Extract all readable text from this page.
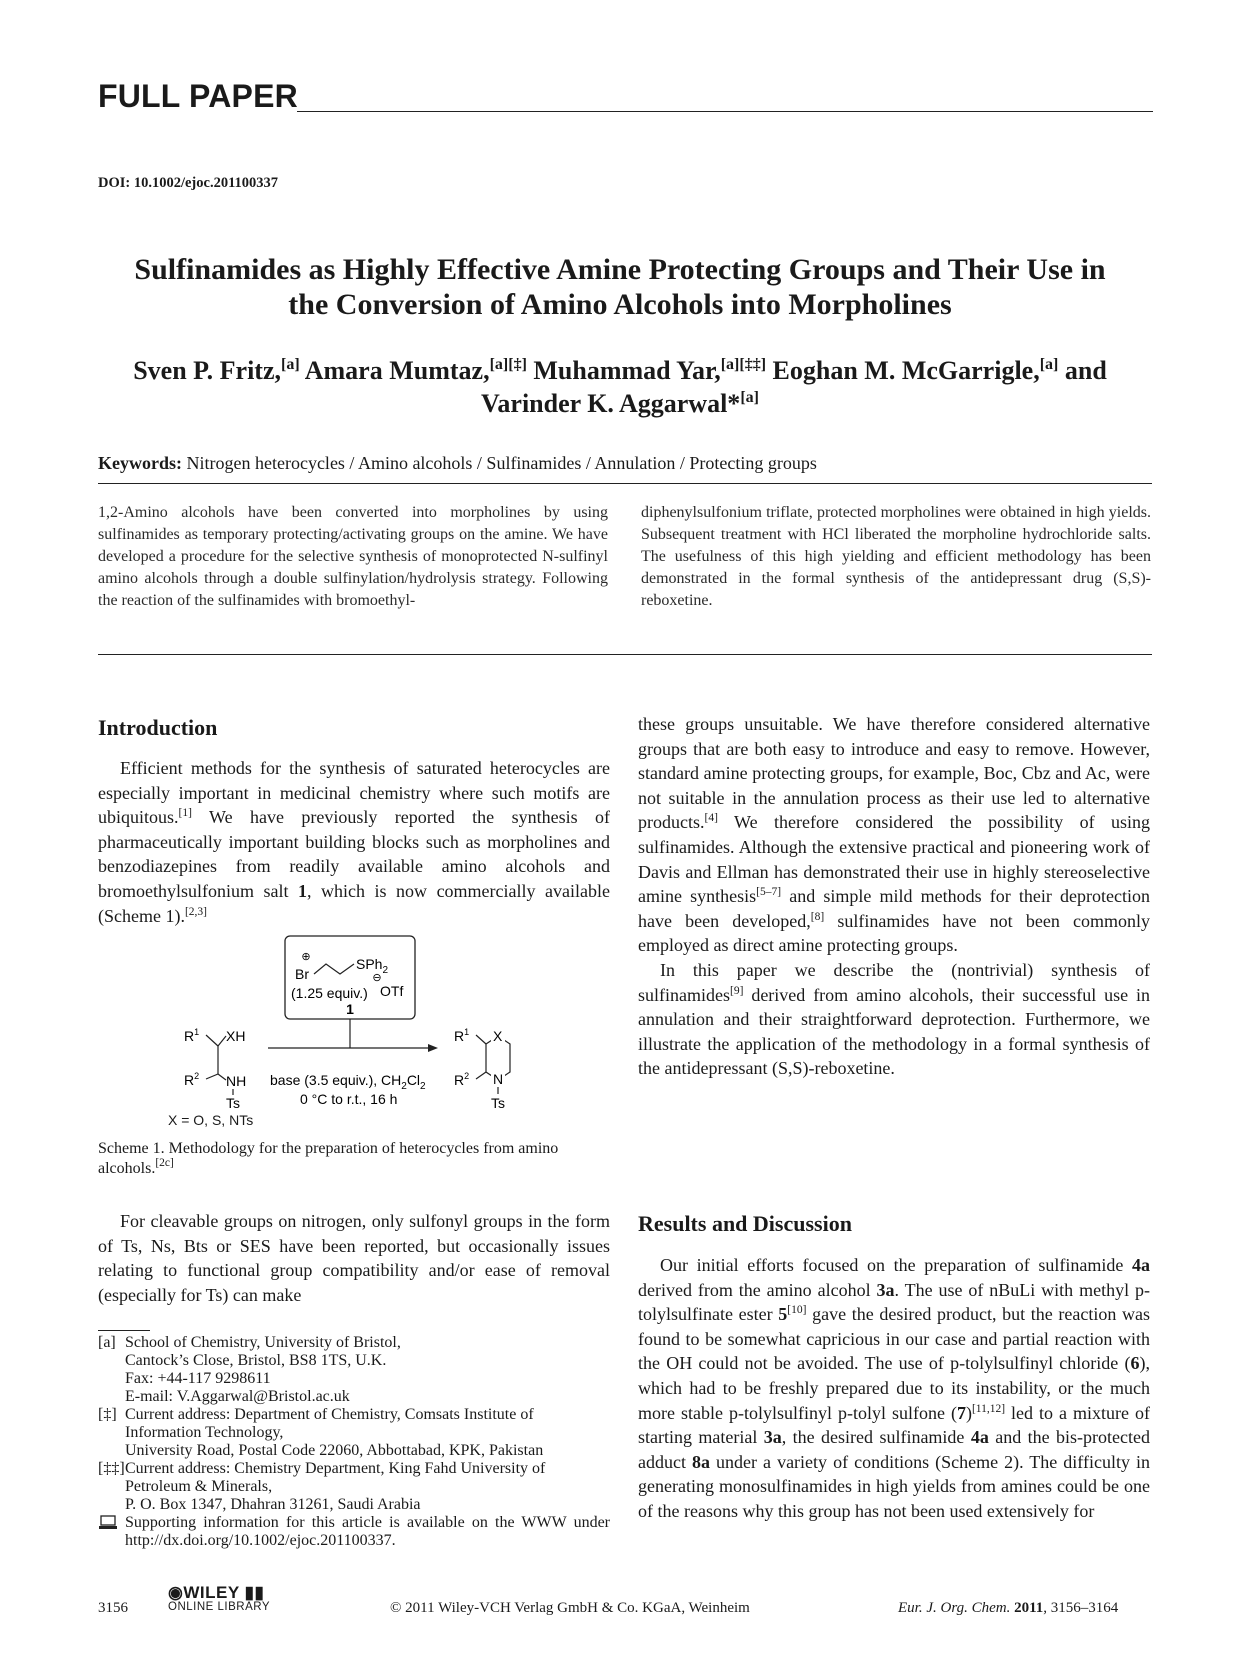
FULL PAPER
DOI: 10.1002/ejoc.201100337
Sulfinamides as Highly Effective Amine Protecting Groups and Their Use in
the Conversion of Amino Alcohols into Morpholines
Sven P. Fritz,[a] Amara Mumtaz,[a][‡] Muhammad Yar,[a][‡‡] Eoghan M. McGarrigle,[a] and
Varinder K. Aggarwal*[a]
Keywords: Nitrogen heterocycles / Amino alcohols / Sulfinamides / Annulation / Protecting groups
1,2-Amino alcohols have been converted into morpholines by using sulfinamides as temporary protecting/activating groups on the amine. We have developed a procedure for the selective synthesis of monoprotected N-sulfinyl amino alcohols through a double sulfinylation/hydrolysis strategy. Following the reaction of the sulfinamides with bromoethyl-
diphenylsulfonium triflate, protected morpholines were obtained in high yields. Subsequent treatment with HCl liberated the morpholine hydrochloride salts. The usefulness of this high yielding and efficient methodology has been demonstrated in the formal synthesis of the antidepressant drug (S,S)-reboxetine.
Introduction

Efficient methods for the synthesis of saturated heterocycles are especially important in medicinal chemistry where such motifs are ubiquitous.[1] We have previously reported the synthesis of pharmaceutically important building blocks such as morpholines and benzodiazepines from readily available amino alcohols and bromoethylsulfonium salt 1, which is now commercially available (Scheme 1).[2,3]

⊕
Br
SPh$_2$
⊖
(1.25 equiv.) OTf
1
$R^1$ XH
$R^2$ NH
Ts
base (3.5 equiv.), $CH_2Cl_2$
0 °C to r.t., 16 h
$R^1$
$R^2$
X
N
Ts
X = O, S, NTs
Scheme 1. Methodology for the preparation of heterocycles from amino alcohols.[2c]

For cleavable groups on nitrogen, only sulfonyl groups in the form of Ts, Ns, Bts or SES have been reported, but occasionally issues relating to functional group compatibility and/or ease of removal (especially for Ts) can make

[a] School of Chemistry, University of Bristol,
Cantock’s Close, Bristol, BS8 1TS, U.K.
Fax: +44-117 9298611
E-mail: V.Aggarwal@Bristol.ac.uk
[‡] Current address: Department of Chemistry, Comsats Institute of Information Technology,
University Road, Postal Code 22060, Abbottabad, KPK, Pakistan
[‡‡] Current address: Chemistry Department, King Fahd University of Petroleum & Minerals,
P. O. Box 1347, Dhahran 31261, Saudi Arabia
Supporting information for this article is available on the WWW under http://dx.doi.org/10.1002/ejoc.201100337.

these groups unsuitable. We have therefore considered alternative groups that are both easy to introduce and easy to remove. However, standard amine protecting groups, for example, Boc, Cbz and Ac, were not suitable in the annulation process as their use led to alternative products.[4] We therefore considered the possibility of using sulfinamides. Although the extensive practical and pioneering work of Davis and Ellman has demonstrated their use in highly stereoselective amine synthesis[5–7] and simple mild methods for their deprotection have been developed,[8] sulfinamides have not been commonly employed as direct amine protecting groups.

In this paper we describe the (nontrivial) synthesis of sulfinamides[9] derived from amino alcohols, their successful use in annulation and their straightforward deprotection. Furthermore, we illustrate the application of the methodology in a formal synthesis of the antidepressant (S,S)-reboxetine.

Results and Discussion

Our initial efforts focused on the preparation of sulfinamide 4a derived from the amino alcohol 3a. The use of nBuLi with methyl p-tolylsulfinate ester 5[10] gave the desired product, but the reaction was found to be somewhat capricious in our case and partial reaction with the OH could not be avoided. The use of p-tolylsulfinyl chloride (6), which had to be freshly prepared due to its instability, or the much more stable p-tolylsulfinyl p-tolyl sulfone (7)[11,12] led to a mixture of starting material 3a, the desired sulfinamide 4a and the bis-protected adduct 8a under a variety of conditions (Scheme 2). The difficulty in generating monosulfinamides in high yields from amines could be one of the reasons why this group has not been used extensively for

3156
◉WILEY ▮▮
ONLINE LIBRARY	© 2011 Wiley-VCH Verlag GmbH & Co. KGaA, Weinheim	Eur. J. Org. Chem. 2011, 3156–3164
